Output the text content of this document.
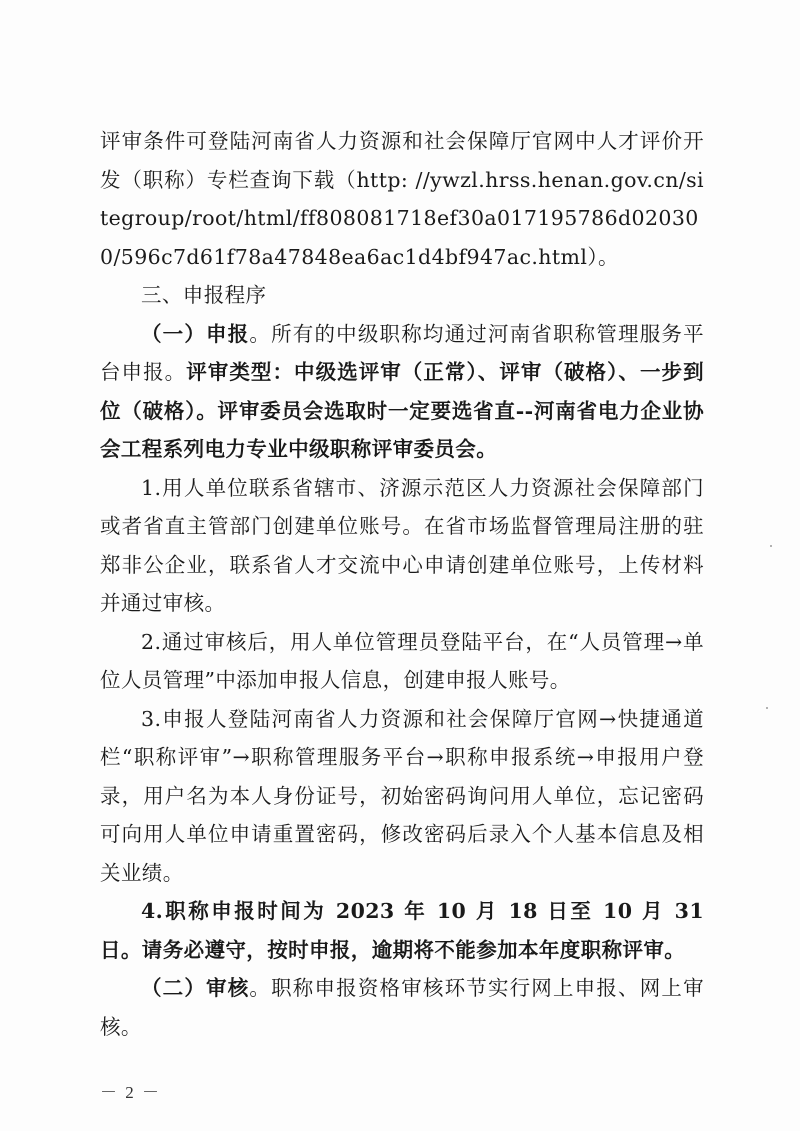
评审条件可登陆河南省人力资源和社会保障厅官网中人才评价开发（职称）专栏查询下载（http: //ywzl.hrss.henan.gov.cn/sitegroup/root/html/ff808081718ef30a017195786d020300/596c7d61f78a47848ea6ac1d4bf947ac.html）。

三、申报程序

（一）申报。所有的中级职称均通过河南省职称管理服务平台申报。评审类型：中级选评审（正常）、评审（破格）、一步到位（破格）。评审委员会选取时一定要选省直--河南省电力企业协会工程系列电力专业中级职称评审委员会。

1.用人单位联系省辖市、济源示范区人力资源社会保障部门或者省直主管部门创建单位账号。在省市场监督管理局注册的驻郑非公企业，联系省人才交流中心申请创建单位账号，上传材料并通过审核。

2.通过审核后，用人单位管理员登陆平台，在“人员管理→单位人员管理”中添加申报人信息，创建申报人账号。

3.申报人登陆河南省人力资源和社会保障厅官网→快捷通道栏“职称评审”→职称管理服务平台→职称申报系统→申报用户登录，用户名为本人身份证号，初始密码询问用人单位，忘记密码可向用人单位申请重置密码，修改密码后录入个人基本信息及相关业绩。

4.职称申报时间为 2023 年 10 月 18 日至 10 月 31 日。请务必遵守，按时申报，逾期将不能参加本年度职称评审。

（二）审核。职称申报资格审核环节实行网上申报、网上审核。

－ 2 －
